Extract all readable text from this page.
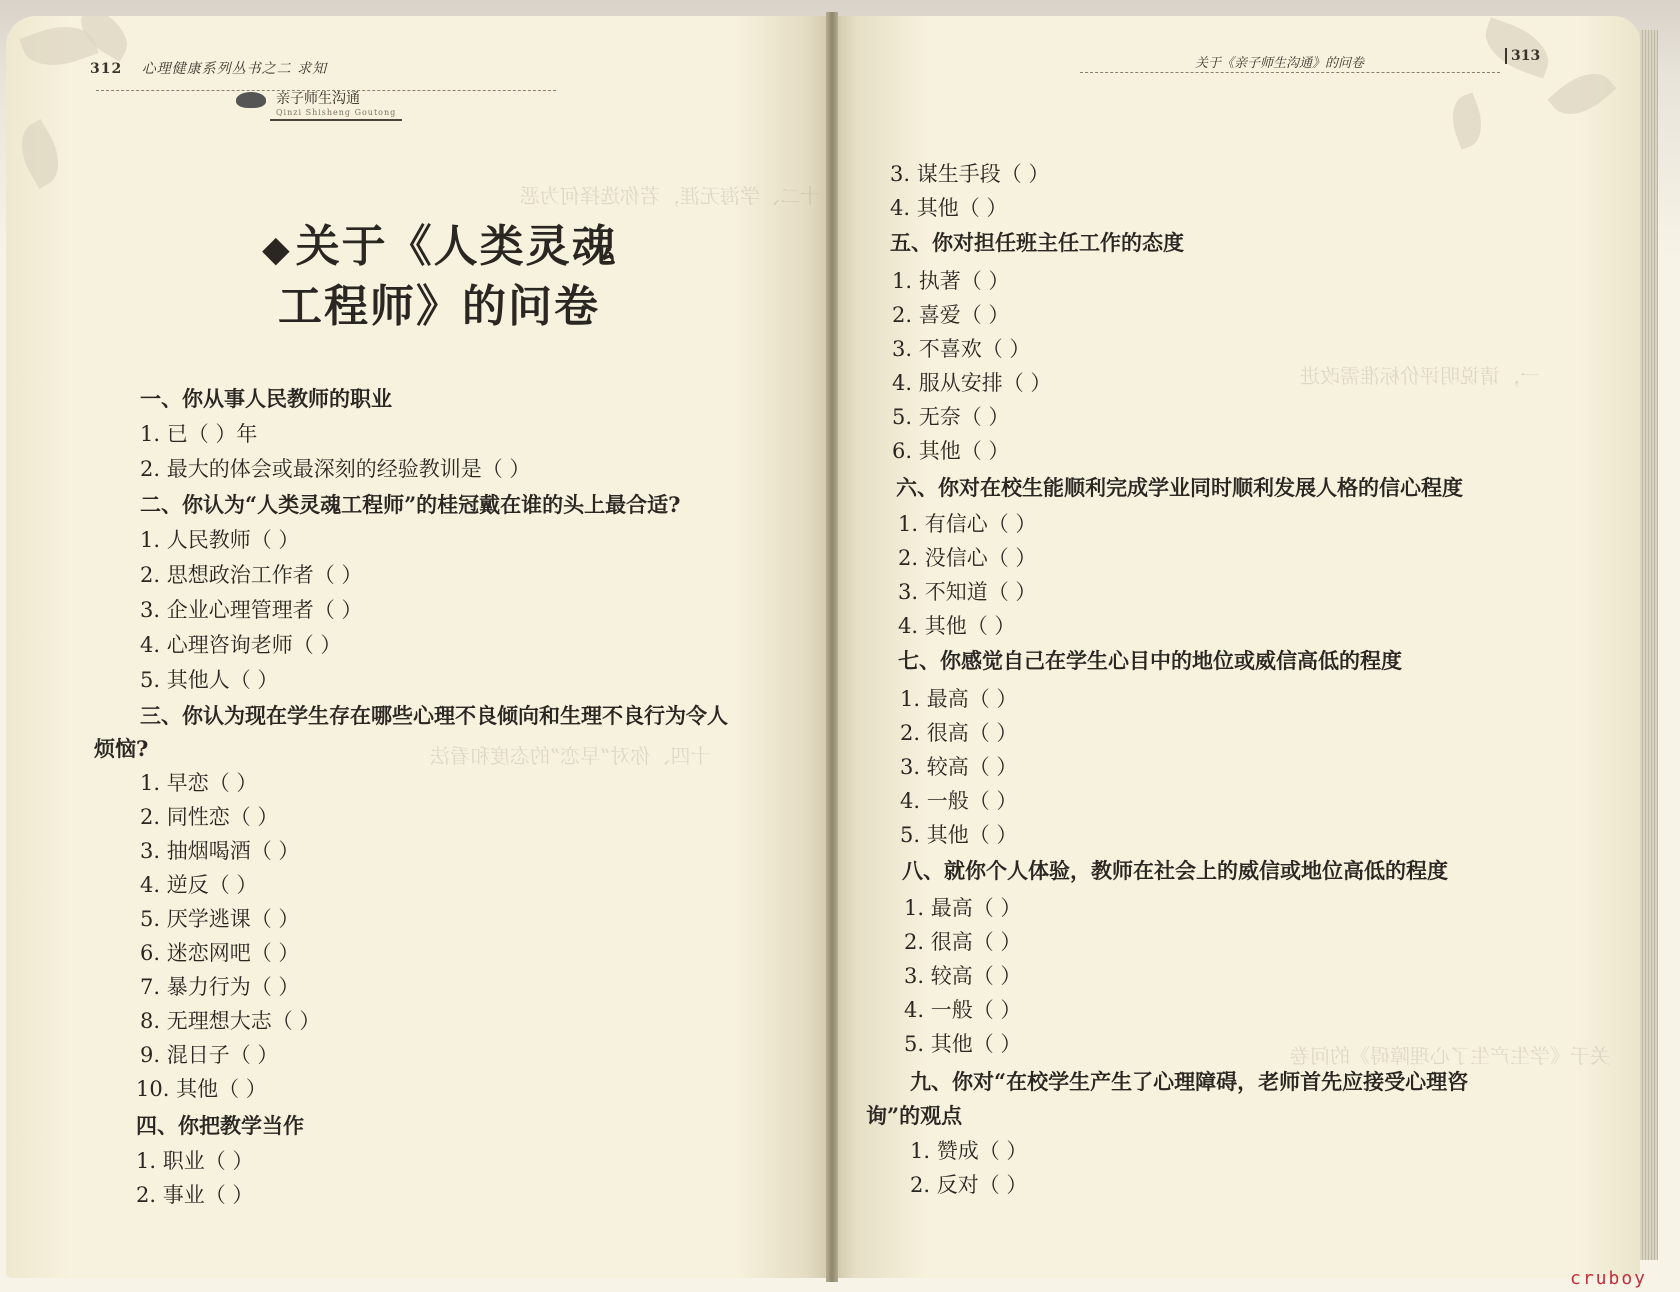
十二、学海无涯，若你选择何为恶
十四、你对“早恋”的态度和看法
一，请说明评价标准需改进
关于《学生产生了心理障碍》的问卷
312 心理健康系列丛书之二 求知
亲子师生沟通
Qinzi Shisheng Goutong
关于《亲子师生沟通》的问卷	313
◆关于《人类灵魂
工程师》的问卷
一、你从事人民教师的职业
1. 已（ ）年
2. 最大的体会或最深刻的经验教训是（ ）
二、你认为“人类灵魂工程师”的桂冠戴在谁的头上最合适?
1. 人民教师（ ）
2. 思想政治工作者（ ）
3. 企业心理管理者（ ）
4. 心理咨询老师（ ）
5. 其他人（ ）
三、你认为现在学生存在哪些心理不良倾向和生理不良行为令人
烦恼?
1. 早恋（ ）
2. 同性恋（ ）
3. 抽烟喝酒（ ）
4. 逆反（ ）
5. 厌学逃课（ ）
6. 迷恋网吧（ ）
7. 暴力行为（ ）
8. 无理想大志（ ）
9. 混日子（ ）
10. 其他（ ）
四、你把教学当作
1. 职业（ ）
2. 事业（ ）
3. 谋生手段（ ）
4. 其他（ ）
五、你对担任班主任工作的态度
1. 执著（ ）
2. 喜爱（ ）
3. 不喜欢（ ）
4. 服从安排（ ）
5. 无奈（ ）
6. 其他（ ）
六、你对在校生能顺利完成学业同时顺利发展人格的信心程度
1. 有信心（ ）
2. 没信心（ ）
3. 不知道（ ）
4. 其他（ ）
七、你感觉自己在学生心目中的地位或威信高低的程度
1. 最高（ ）
2. 很高（ ）
3. 较高（ ）
4. 一般（ ）
5. 其他（ ）
八、就你个人体验，教师在社会上的威信或地位高低的程度
1. 最高（ ）
2. 很高（ ）
3. 较高（ ）
4. 一般（ ）
5. 其他（ ）
九、你对“在校学生产生了心理障碍，老师首先应接受心理咨
询”的观点
1. 赞成（ ）
2. 反对（ ）
cruboy
